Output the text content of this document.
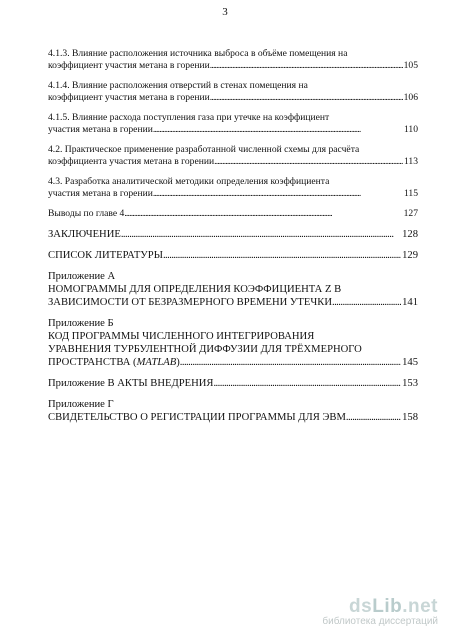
3
4.1.3. Влияние расположения источника выброса в объёме помещения на
коэффициент участия метана в горении . . .	105
4.1.4. Влияние расположения отверстий в стенах помещения на
коэффициент участия метана в горении . . .	106
4.1.5. Влияние расхода поступления газа при утечке на коэффициент
участия метана в горении . . .	110
4.2. Практическое применение разработанной численной схемы для расчёта
коэффициента участия метана в горении . . .	113
4.3. Разработка аналитической методики определения коэффициента
участия метана в горении . . .	115
Выводы по главе 4 . . .	127
ЗАКЛЮЧЕНИЕ . . .	128
СПИСОК ЛИТЕРАТУРЫ . . .	129
Приложение А
НОМОГРАММЫ ДЛЯ ОПРЕДЕЛЕНИЯ КОЭФФИЦИЕНТА Z В
ЗАВИСИМОСТИ ОТ БЕЗРАЗМЕРНОГО ВРЕМЕНИ УТЕЧКИ . . .	141
Приложение Б
КОД ПРОГРАММЫ ЧИСЛЕННОГО ИНТЕГРИРОВАНИЯ
УРАВНЕНИЯ ТУРБУЛЕНТНОЙ ДИФФУЗИИ ДЛЯ ТРЁХМЕРНОГО
ПРОСТРАНСТВА (MATLAB) . . .	145
Приложение В АКТЫ ВНЕДРЕНИЯ . . .	153
Приложение Г
СВИДЕТЕЛЬСТВО О РЕГИСТРАЦИИ ПРОГРАММЫ ДЛЯ ЭВМ . . .	158
dsLib.net
библиотека диссертаций
